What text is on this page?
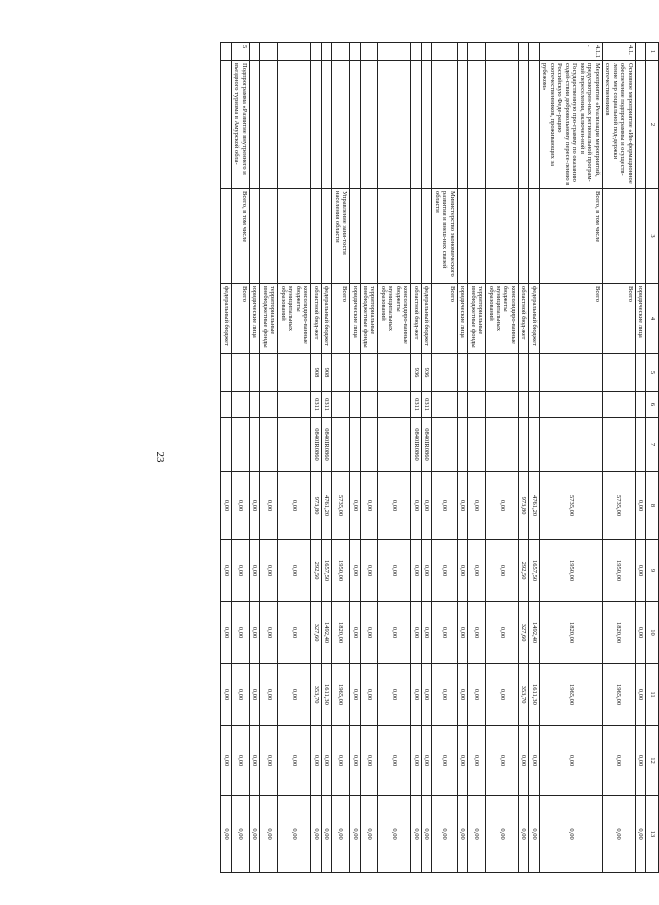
23
1	2	3	4	5	6	7	8	9	10	11	12	13
			юридические лица				0,00	0,00	0,00	0,00	0,00	0,00
4.1.	Основное мероприятие «Ин-формационное обеспечение подпрограммы и осуществ-ление мер социальной под-держки соотечественников		Всего				5735,00	1950,00	1820,00	1965,00	0,00	0,00
4.1.1.	Мероприятие «Реализация мероприятий, предусмотрен-ных региональной програм-мой переселения, включен-ной в Государственную про-грамму по оказанию содей-ствия добровольному пересе-лению в Российскую Феде-рацию соотечественников, проживающих за рубежом»	Всего, в том числе	Всего				5735,00	1950,00	1820,00	1965,00	0,00	0,00
			федеральный бюджет				4761,20	1657,50	1492,40	1611,30	0,00	0,00
			областной бюд-жет				973,80	292,50	327,60	353,70	0,00	0,00
			консолидиро-ванные бюджеты муниципальных образований				0,00	0,00	0,00	0,00	0,00	0,00
			территориальные внебюджетные фонды				0,00	0,00	0,00	0,00	0,00	0,00
			юридические лица				0,00	0,00	0,00	0,00	0,00	0,00
		Министерство экономического развития и внеш-них связей области	Всего				0,00	0,00	0,00	0,00	0,00	0,00
			федеральный бюджет	936	0311	0840IR0860	0,00	0,00	0,00	0,00	0,00	0,00
			областной бюд-жет	936	0311	0840IR0860	0,00	0,00	0,00	0,00	0,00	0,00
			консолидиро-ванные бюджеты муниципальных образований				0,00	0,00	0,00	0,00	0,00	0,00
			территориальные внебюджетные фонды				0,00	0,00	0,00	0,00	0,00	0,00
			юридические лица				0,00	0,00	0,00	0,00	0,00	0,00
		Управление заня-тости населения области	Всего				5735,00	1950,00	1820,00	1965,00	0,00	0,00
			федеральный бюджет	908	0311	0840IR0860	4761,20	1657,50	1492,40	1611,30	0,00	0,00
			областной бюд-жет	908	0311	0840IR0860	973,80	292,50	327,60	353,70	0,00	0,00
			консолидиро-ванные бюджеты муниципальных образований				0,00	0,00	0,00	0,00	0,00	0,00
			территориальные внебюджетные фонды				0,00	0,00	0,00	0,00	0,00	0,00
			юридические лица				0,00	0,00	0,00	0,00	0,00	0,00
5	Подпрограмма «Развитие внутреннего и въездного туризма в Амурской обла-	Всего, в том числе	Всего				0,00	0,00	0,00	0,00	0,00	0,00
			федеральный бюджет				0,00	0,00	0,00	0,00	0,00	0,00
